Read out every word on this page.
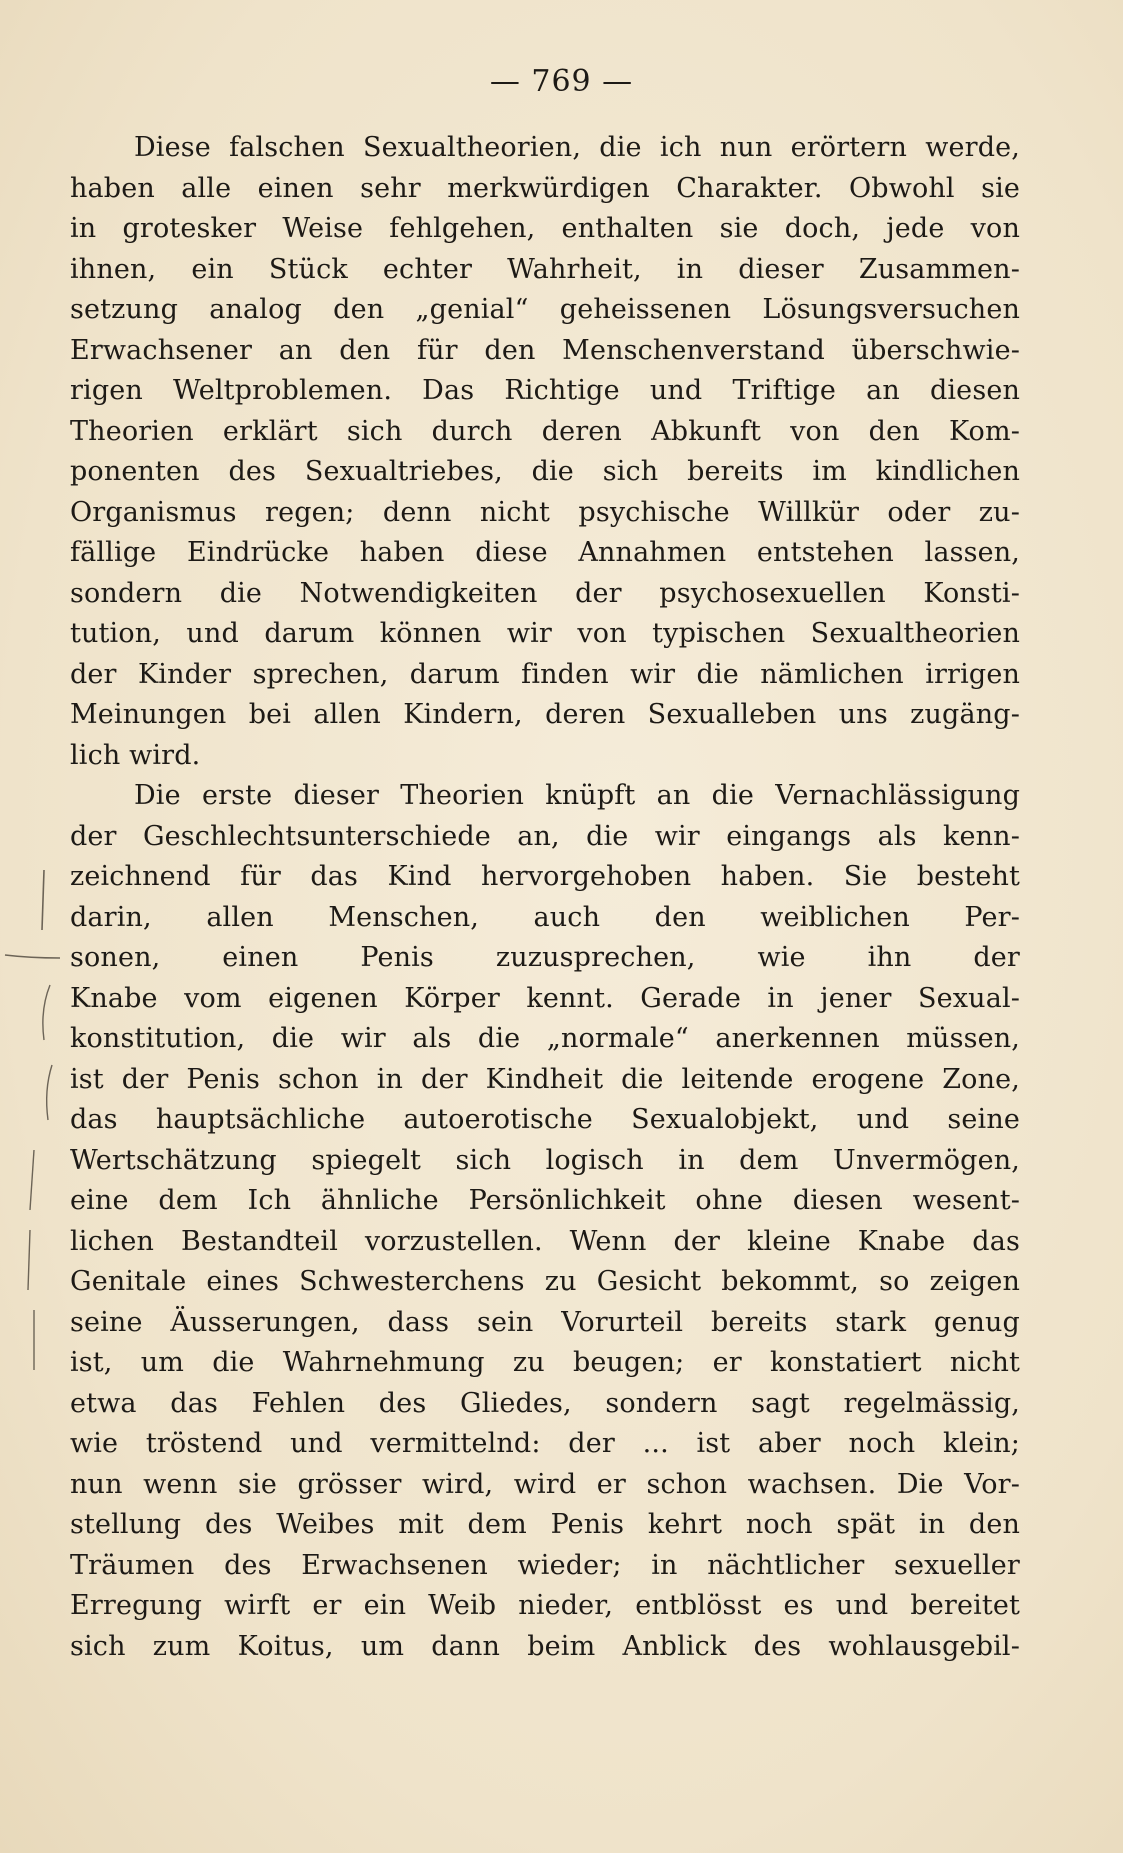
— 769 —
Diese falschen Sexualtheorien, die ich nun erörtern werde,
haben alle einen sehr merkwürdigen Charakter. Obwohl sie
in grotesker Weise fehlgehen, enthalten sie doch, jede von
ihnen, ein Stück echter Wahrheit, in dieser Zusammen-
setzung analog den „genial“ geheissenen Lösungsversuchen
Erwachsener an den für den Menschenverstand überschwie-
rigen Weltproblemen. Das Richtige und Triftige an diesen
Theorien erklärt sich durch deren Abkunft von den Kom-
ponenten des Sexualtriebes, die sich bereits im kindlichen
Organismus regen; denn nicht psychische Willkür oder zu-
fällige Eindrücke haben diese Annahmen entstehen lassen,
sondern die Notwendigkeiten der psychosexuellen Konsti-
tution, und darum können wir von typischen Sexualtheorien
der Kinder sprechen, darum finden wir die nämlichen irrigen
Meinungen bei allen Kindern, deren Sexualleben uns zugäng-
lich wird.
Die erste dieser Theorien knüpft an die Vernachlässigung
der Geschlechtsunterschiede an, die wir eingangs als kenn-
zeichnend für das Kind hervorgehoben haben. Sie besteht
darin, allen Menschen, auch den weiblichen Per-
sonen, einen Penis zuzusprechen, wie ihn der
Knabe vom eigenen Körper kennt. Gerade in jener Sexual-
konstitution, die wir als die „normale“ anerkennen müssen,
ist der Penis schon in der Kindheit die leitende erogene Zone,
das hauptsächliche autoerotische Sexualobjekt, und seine
Wertschätzung spiegelt sich logisch in dem Unvermögen,
eine dem Ich ähnliche Persönlichkeit ohne diesen wesent-
lichen Bestandteil vorzustellen. Wenn der kleine Knabe das
Genitale eines Schwesterchens zu Gesicht bekommt, so zeigen
seine Äusserungen, dass sein Vorurteil bereits stark genug
ist, um die Wahrnehmung zu beugen; er konstatiert nicht
etwa das Fehlen des Gliedes, sondern sagt regelmässig,
wie tröstend und vermittelnd: der ... ist aber noch klein;
nun wenn sie grösser wird, wird er schon wachsen. Die Vor-
stellung des Weibes mit dem Penis kehrt noch spät in den
Träumen des Erwachsenen wieder; in nächtlicher sexueller
Erregung wirft er ein Weib nieder, entblösst es und bereitet
sich zum Koitus, um dann beim Anblick des wohlausgebil-
